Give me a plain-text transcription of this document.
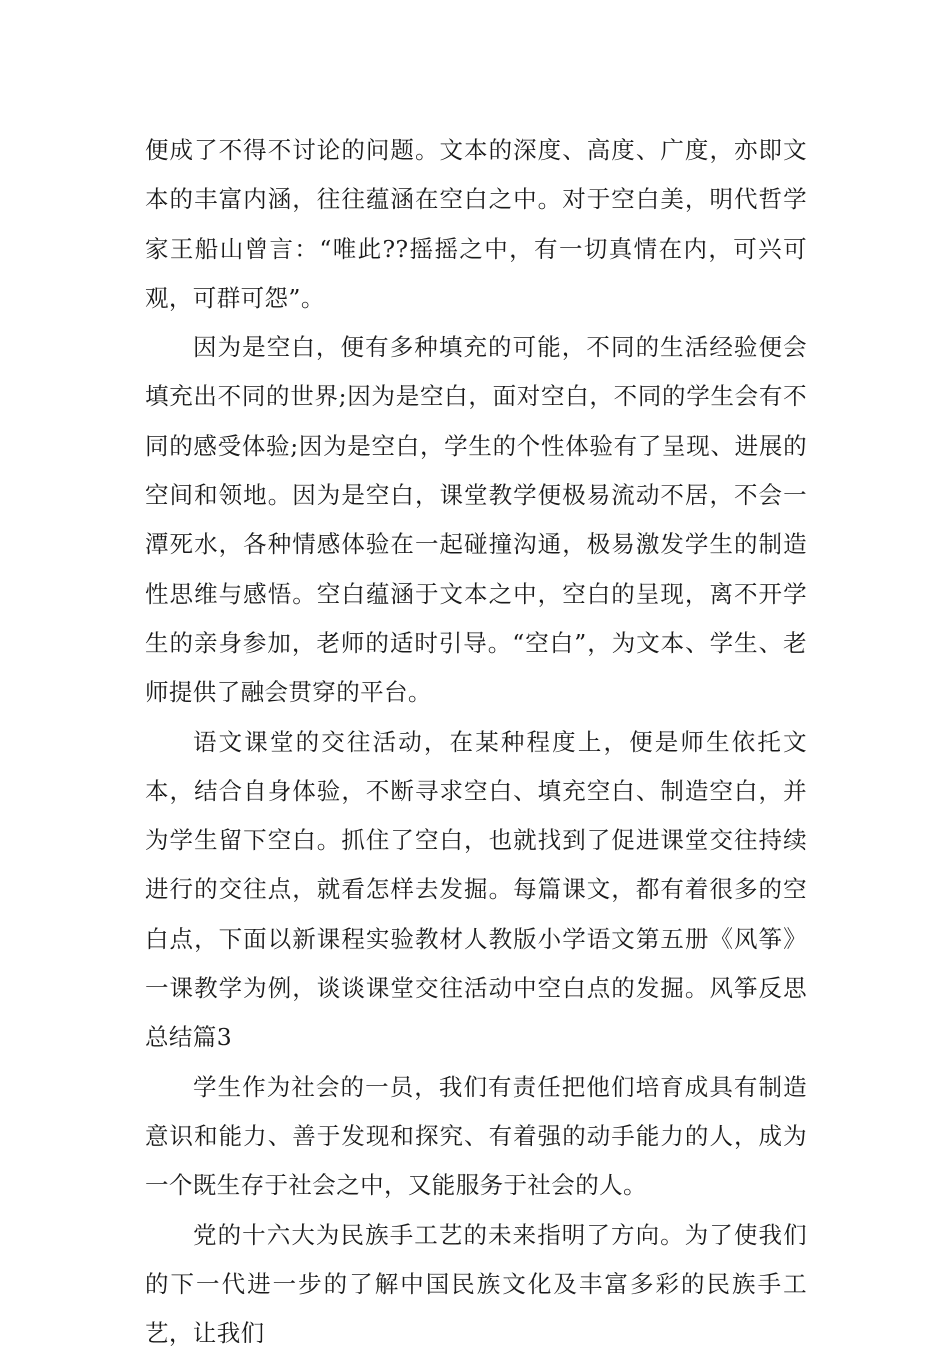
便成了不得不讨论的问题。文本的深度、高度、广度，亦即文本的丰富内涵，往往蕴涵在空白之中。对于空白美，明代哲学家王船山曾言：“唯此??摇摇之中，有一切真情在内，可兴可观，可群可怨”。

因为是空白，便有多种填充的可能，不同的生活经验便会填充出不同的世界;因为是空白，面对空白，不同的学生会有不同的感受体验;因为是空白，学生的个性体验有了呈现、进展的空间和领地。因为是空白，课堂教学便极易流动不居，不会一潭死水，各种情感体验在一起碰撞沟通，极易激发学生的制造性思维与感悟。空白蕴涵于文本之中，空白的呈现，离不开学生的亲身参加，老师的适时引导。“空白”，为文本、学生、老师提供了融会贯穿的平台。

语文课堂的交往活动，在某种程度上，便是师生依托文本，结合自身体验，不断寻求空白、填充空白、制造空白，并为学生留下空白。抓住了空白，也就找到了促进课堂交往持续进行的交往点，就看怎样去发掘。每篇课文，都有着很多的空白点，下面以新课程实验教材人教版小学语文第五册《风筝》一课教学为例，谈谈课堂交往活动中空白点的发掘。风筝反思总结篇3

学生作为社会的一员，我们有责任把他们培育成具有制造意识和能力、善于发现和探究、有着强的动手能力的人，成为一个既生存于社会之中，又能服务于社会的人。

党的十六大为民族手工艺的未来指明了方向。为了使我们的下一代进一步的了解中国民族文化及丰富多彩的民族手工艺，让我们
